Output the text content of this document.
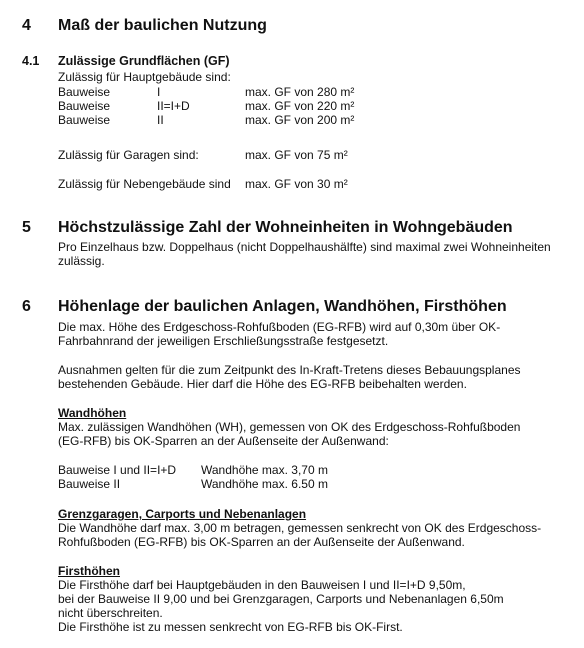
4 Maß der baulichen Nutzung
4.1 Zulässige Grundflächen (GF)
Zulässig für Hauptgebäude sind:
Bauweise	I	max. GF von 280 m²
Bauweise	II=I+D	max. GF von 220 m²
Bauweise	II	max. GF von 200 m²
Zulässig für Garagen sind:	max. GF von 75 m²
Zulässig für Nebengebäude sind max. GF von 30 m²
5 Höchstzulässige Zahl der Wohneinheiten in Wohngebäuden
Pro Einzelhaus bzw. Doppelhaus (nicht Doppelhaushälfte) sind maximal zwei Wohneinheiten
zulässig.
6 Höhenlage der baulichen Anlagen, Wandhöhen, Firsthöhen
Die max. Höhe des Erdgeschoss-Rohfußboden (EG-RFB) wird auf 0,30m über OK-
Fahrbahnrand der jeweiligen Erschließungsstraße festgesetzt.
Ausnahmen gelten für die zum Zeitpunkt des In-Kraft-Tretens dieses Bebauungsplanes
bestehenden Gebäude. Hier darf die Höhe des EG-RFB beibehalten werden.
Wandhöhen
Max. zulässigen Wandhöhen (WH), gemessen von OK des Erdgeschoss-Rohfußboden
(EG-RFB) bis OK-Sparren an der Außenseite der Außenwand:
Bauweise I und II=I+D Wandhöhe max. 3,70 m
Bauweise II	Wandhöhe max. 6.50 m
Grenzgaragen, Carports und Nebenanlagen
Die Wandhöhe darf max. 3,00 m betragen, gemessen senkrecht von OK des Erdgeschoss-
Rohfußboden (EG-RFB) bis OK-Sparren an der Außenseite der Außenwand.
Firsthöhen
Die Firsthöhe darf bei Hauptgebäuden in den Bauweisen I und II=I+D 9,50m,
bei der Bauweise II 9,00 und bei Grenzgaragen, Carports und Nebenanlagen 6,50m
nicht überschreiten.
Die Firsthöhe ist zu messen senkrecht von EG-RFB bis OK-First.
